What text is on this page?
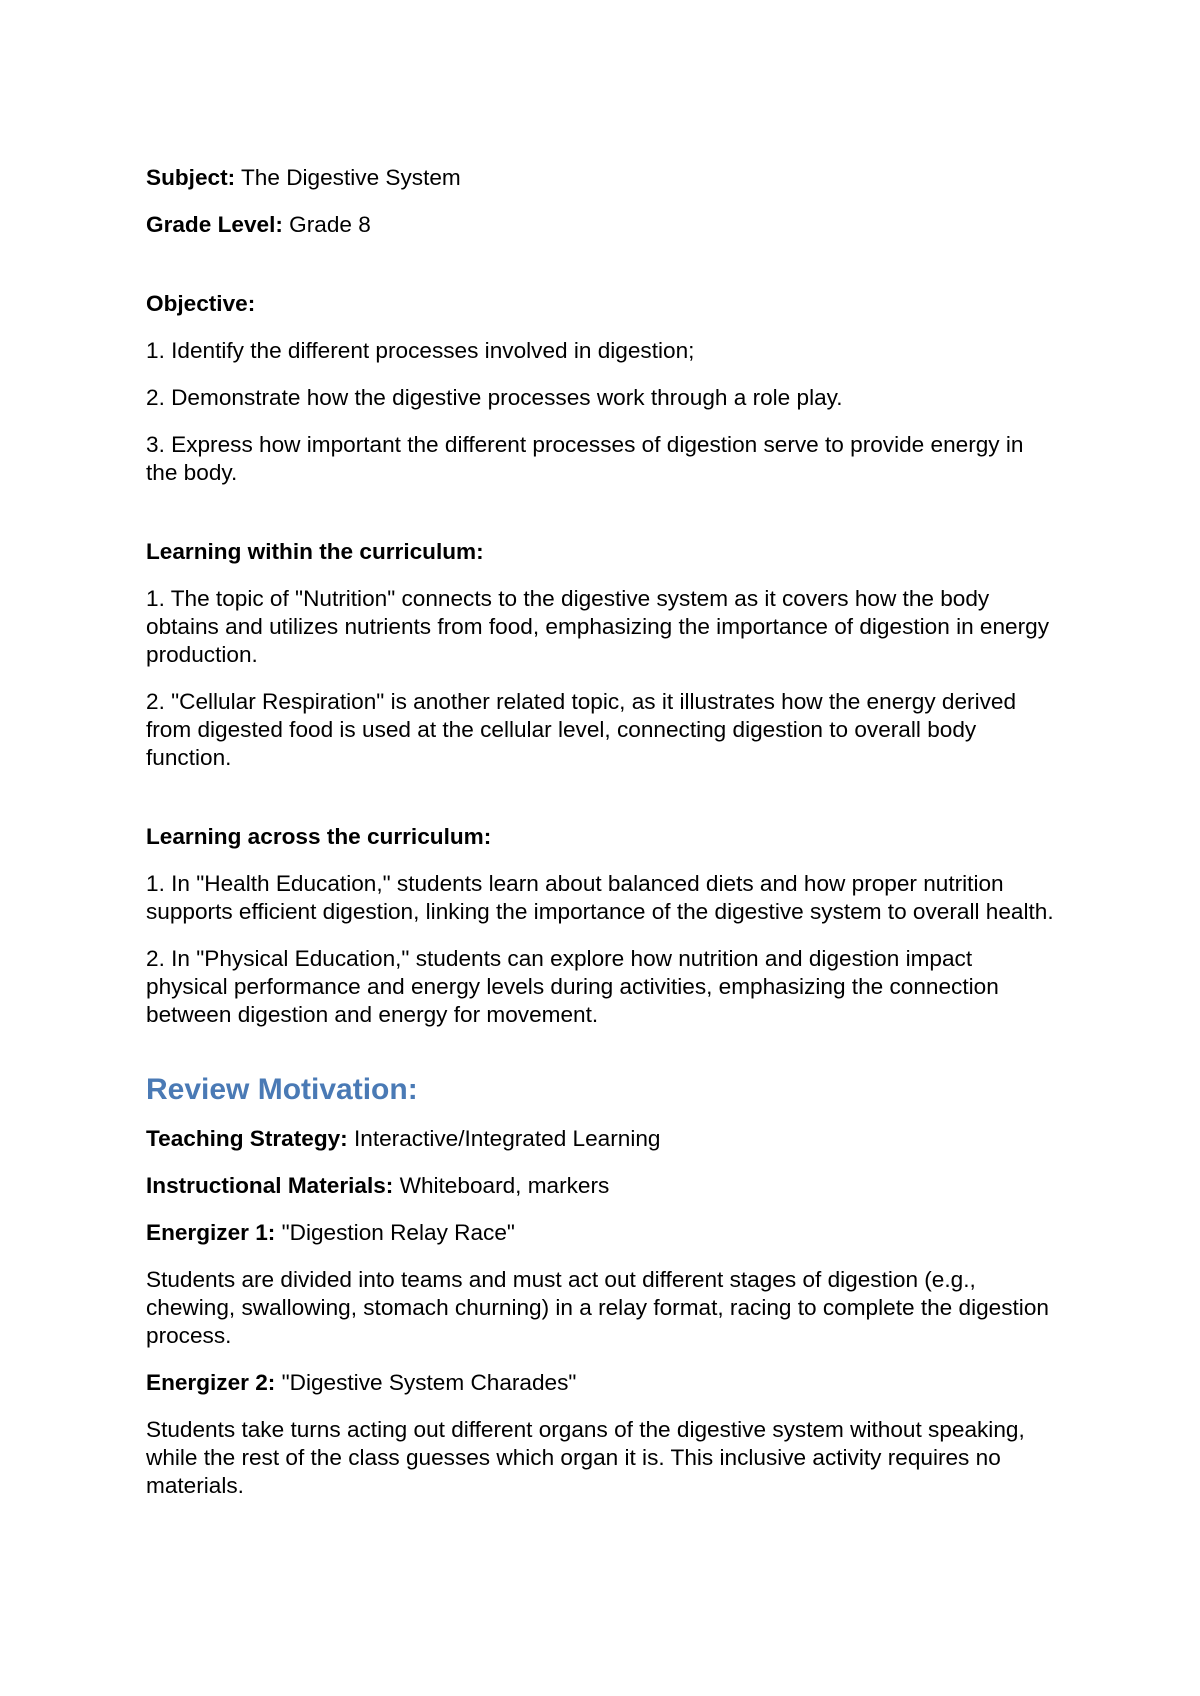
Subject: The Digestive System

Grade Level: Grade 8

Objective:

1. Identify the different processes involved in digestion;

2. Demonstrate how the digestive processes work through a role play.

3. Express how important the different processes of digestion serve to provide energy in the body.

Learning within the curriculum:

1. The topic of "Nutrition" connects to the digestive system as it covers how the body obtains and utilizes nutrients from food, emphasizing the importance of digestion in energy production.

2. "Cellular Respiration" is another related topic, as it illustrates how the energy derived from digested food is used at the cellular level, connecting digestion to overall body function.

Learning across the curriculum:

1. In "Health Education," students learn about balanced diets and how proper nutrition supports efficient digestion, linking the importance of the digestive system to overall health.

2. In "Physical Education," students can explore how nutrition and digestion impact physical performance and energy levels during activities, emphasizing the connection between digestion and energy for movement.

Review Motivation:

Teaching Strategy: Interactive/Integrated Learning

Instructional Materials: Whiteboard, markers

Energizer 1: "Digestion Relay Race"

Students are divided into teams and must act out different stages of digestion (e.g., chewing, swallowing, stomach churning) in a relay format, racing to complete the digestion process.

Energizer 2: "Digestive System Charades"

Students take turns acting out different organs of the digestive system without speaking, while the rest of the class guesses which organ it is. This inclusive activity requires no materials.
